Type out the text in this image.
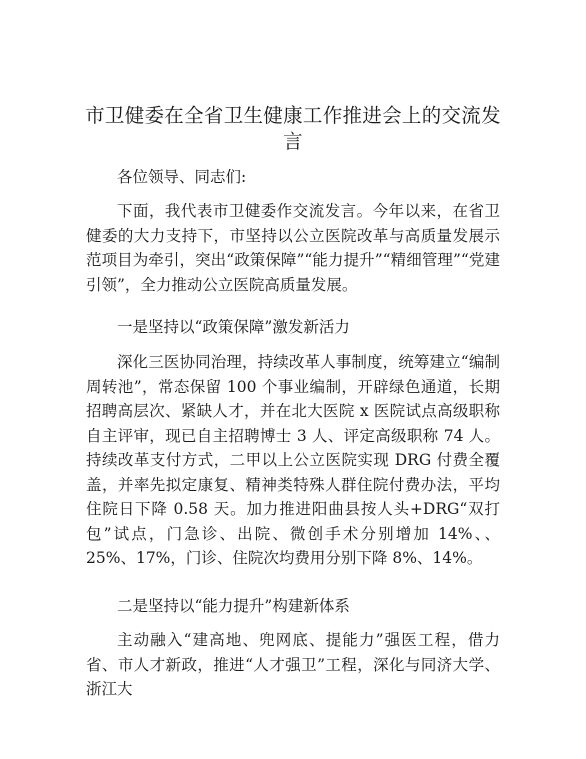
市卫健委在全省卫生健康工作推进会上的交流发言

各位领导、同志们:

下面，我代表市卫健委作交流发言。今年以来，在省卫健委的大力支持下，市坚持以公立医院改革与高质量发展示范项目为牵引，突出“政策保障”“能力提升”“精细管理”“党建引领”，全力推动公立医院高质量发展。

一是坚持以“政策保障”激发新活力

深化三医协同治理，持续改革人事制度，统筹建立“编制周转池”，常态保留 100 个事业编制，开辟绿色通道，长期招聘高层次、紧缺人才，并在北大医院 x 医院试点高级职称自主评审，现已自主招聘博士 3 人、评定高级职称 74 人。持续改革支付方式，二甲以上公立医院实现 DRG 付费全覆盖，并率先拟定康复、精神类特殊人群住院付费办法，平均住院日下降 0.58 天。加力推进阳曲县按人头+DRG“双打包”试点，门急诊、出院、微创手术分别增加 14%、、25%、17%，门诊、住院次均费用分别下降 8%、14%。

二是坚持以“能力提升”构建新体系

主动融入“建高地、兜网底、提能力”强医工程，借力省、市人才新政，推进“人才强卫”工程，深化与同济大学、浙江大
